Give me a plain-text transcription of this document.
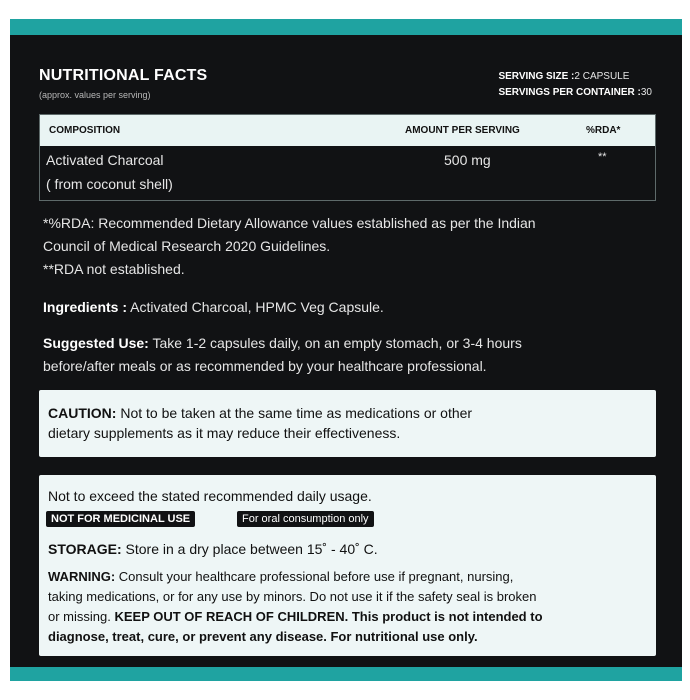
NUTRITIONAL FACTS
(approx. values per serving)
SERVING SIZE :2 CAPSULE
SERVINGS PER CONTAINER :30
COMPOSITION	AMOUNT PER SERVING	%RDA*
Activated Charcoal
( from coconut shell)
500 mg	**
*%RDA: Recommended Dietary Allowance values established as per the Indian
Council of Medical Research 2020 Guidelines.
**RDA not established.
Ingredients : Activated Charcoal, HPMC Veg Capsule.
Suggested Use: Take 1-2 capsules daily, on an empty stomach, or 3-4 hours
before/after meals or as recommended by your healthcare professional.
CAUTION: Not to be taken at the same time as medications or other
dietary supplements as it may reduce their effectiveness.
Not to exceed the stated recommended daily usage.
NOT FOR MEDICINAL USE	For oral consumption only
STORAGE: Store in a dry place between 15˚ - 40˚ C.
WARNING: Consult your healthcare professional before use if pregnant, nursing,
taking medications, or for any use by minors. Do not use it if the safety seal is broken
or missing. KEEP OUT OF REACH OF CHILDREN. This product is not intended to
diagnose, treat, cure, or prevent any disease. For nutritional use only.
